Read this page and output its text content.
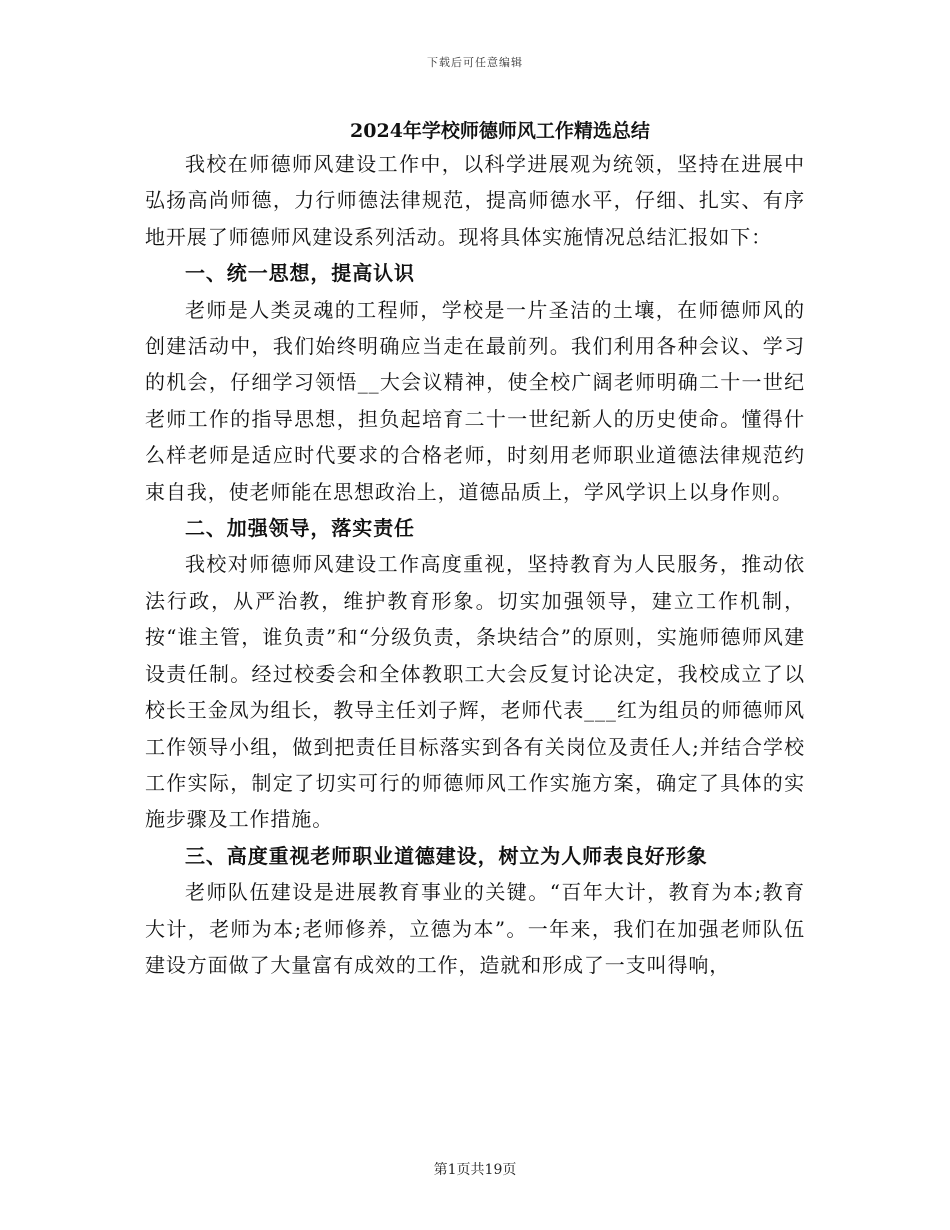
下载后可任意编辑
2024年学校师德师风工作精选总结

我校在师德师风建设工作中，以科学进展观为统领，坚持在进展中弘扬高尚师德，力行师德法律规范，提高师德水平，仔细、扎实、有序地开展了师德师风建设系列活动。现将具体实施情况总结汇报如下：

一、统一思想，提高认识

老师是人类灵魂的工程师，学校是一片圣洁的土壤，在师德师风的创建活动中，我们始终明确应当走在最前列。我们利用各种会议、学习的机会，仔细学习领悟__大会议精神，使全校广阔老师明确二十一世纪老师工作的指导思想，担负起培育二十一世纪新人的历史使命。懂得什么样老师是适应时代要求的合格老师，时刻用老师职业道德法律规范约束自我，使老师能在思想政治上，道德品质上，学风学识上以身作则。

二、加强领导，落实责任

我校对师德师风建设工作高度重视，坚持教育为人民服务，推动依法行政，从严治教，维护教育形象。切实加强领导，建立工作机制，按“谁主管，谁负责”和“分级负责，条块结合”的原则，实施师德师风建设责任制。经过校委会和全体教职工大会反复讨论决定，我校成立了以校长王金凤为组长，教导主任刘子辉，老师代表___红为组员的师德师风工作领导小组，做到把责任目标落实到各有关岗位及责任人;并结合学校工作实际，制定了切实可行的师德师风工作实施方案，确定了具体的实施步骤及工作措施。

三、高度重视老师职业道德建设，树立为人师表良好形象

老师队伍建设是进展教育事业的关键。“百年大计，教育为本;教育大计，老师为本;老师修养，立德为本”。一年来，我们在加强老师队伍建设方面做了大量富有成效的工作，造就和形成了一支叫得响，

第1页共19页
